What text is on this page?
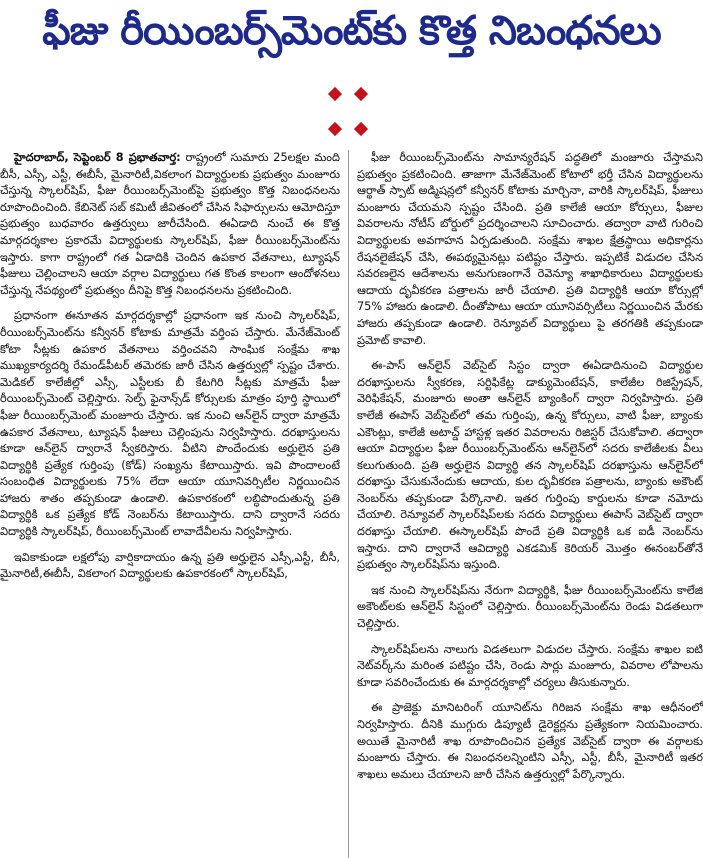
ఫీజు రీయింబర్స్‌మెంట్‌కు కొత్త నిబంధనలు

హైదరాబాద్, సెప్టెంబర్ 8 ప్రభాతవార్త: రాష్ట్రంలో సుమారు 25లక్షల మంది బీసీ, ఎస్సీ, ఎస్టీ, ఈబీసీ, మైనారిటీ,వికలాంగ విద్యార్థులకు ప్రభుత్వం మంజూరు చేస్తున్న స్కాలర్‌షిప్, ఫీజు రీయింబర్స్‌మెంట్‌పై ప్రభుత్వం కొత్త నిబంధనలను రూపొందించింది. కేబినెట్ సబ్ కమిటీ జీవితంలో చేసిన సిఫార్సులను ఆమోదిస్తూ ప్రభుత్వం బుధవారం ఉత్తర్వులు జారీచేసింది. ఈఏడాది నుంచే ఈ కొత్త మార్గదర్శకాల ప్రకారమే విద్యార్థులకు స్కాలర్‌షిప్, ఫీజు రీయింబర్స్‌మెంట్‌ను ఇస్తారు. కాగా రాష్ట్రంలో గత ఏడాదికి చెందిన ఉపకార వేతనాలు, ట్యూషన్ ఫీజులు చెల్లించాలని ఆయా వర్గాల విద్యార్థులు గత కొంత కాలంగా ఆందోళనలు చేస్తున్న నేపథ్యంలో ప్రభుత్వం దీనిపై కొత్త నిబంధనలను ప్రకటించింది.

ప్రధానంగా ఈనూతన మార్గదర్శకాల్లో ప్రధానంగా ఇక నుంచి స్కాలర్‌షిప్, రీయింబర్స్‌మెంట్‌ను కన్వీనర్ కోటాకు మాత్రమే వర్తింప చేస్తారు. మేనేజ్‌మెంట్ కోటా సీట్లకు ఉపకార వేతనాలు వర్తించవని సాంఘిక సంక్షేమ శాఖ ముఖ్యకార్యదర్శి రేమండ్‌పీటర్ తమెరకు జారీ చేసిన ఉత్తర్వుల్లో స్పష్టం చేశారు. మెడికల్ కాలేజీల్లో ఎస్సీ, ఎస్టీలకు బీ కేటగిరి సీట్లకు మాత్రమే ఫీజు రీయింబర్స్‌మెంట్ చెల్లిస్తారు. సెల్ఫ్ ఫైనాన్స్‌డ్ కోర్సులకు మాత్రం పూర్తి స్థాయిలో ఫీజు రీయింబర్స్‌మెంట్ మంజూరు చేస్తారు. ఇక నుంచి ఆన్‌లైన్ ద్వారా మాత్రమే ఉపకార వేతనాలు, ట్యూషన్ ఫీజులు చెల్లింపును నిర్వహిస్తారు. దరఖాస్తులను కూడా ఆన్‌లైన్ ద్వారానే స్వీకరిస్తారు. వీటిని పొందేందుకు అర్హులైన ప్రతి విద్యార్థికి ప్రత్యేక గుర్తింపు (కోడ్) సంఖ్యను కేటాయిస్తారు. ఇవి పొందాలంటే సంబంధిత విద్యార్థులకు 75% లేదా ఆయా యూనివర్సిటీల నిర్ణయించిన హాజరు శాతం తప్పకుండా ఉండాలి. ఉపకారకంలో లబ్ధిపొందుతున్న ప్రతి విద్యార్థికి ఒక ప్రత్యేక కోడ్ నెంబర్‌ను కేటాయిస్తారు. దాని ద్వారానే సదరు విద్యార్థికి స్కాలర్‌షిప్, రీయింబర్స్‌మెంట్ లావాదేవీలను నిర్వహిస్తారు.

ఇవికాకుండా లక్షలోపు వార్షికాదాయం ఉన్న ప్రతి అర్హులైన ఎస్సీ,ఎస్టీ, బీసీ, మైనారిటీ,ఈబీసీ, వికలాంగ విద్యార్థులకు ఉపకారకంలో స్కాలర్‌షిప్,

ఫీజు రీయింబర్స్‌మెంట్‌ను సామాన్యరేషన్ పద్ధతిలో మంజూరు చేస్తామని ప్రభుత్వం ప్రకటించింది. తాజాగా మేనేజ్‌మెంట్ కోటాలో భర్తీ చేసిన విద్యార్థులను ఆర్థాత్ స్పాట్ అడ్మిషన్లలో కన్వీనర్ కోటాకు మార్చినా, వారికి స్కాలర్‌షిప్, ఫీజులు మంజూరు చేయమని స్పష్టం చేసింది. ప్రతి కాలేజీ ఆయా కోర్సులు, ఫీజుల వివరాలను నోటీస్ బోర్డులో ప్రదర్శించాలని సూచించారు. తద్వారా వాటి గురించి విద్యార్థులకు అవగాహన ఏర్పడుతుంది. సంక్షేమ శాఖల క్షేత్రస్థాయి అధికార్లను రేషనలైజేషన్ చేసి, ఈపథ్యమైనట్లు పటిష్టం చేస్తారు. ఇప్పటికే విడుదల చేసిన సవరణలైన ఆదేశాలను అనుగుణంగానే రెవెన్యూ శాఖాధికారులు విద్యార్థులకు ఆదాయ దృవీకరణ పత్రాలను జారీ చేయాలి. ప్రతి విద్యార్థికి ఆయా కోర్సుల్లో 75% హాజరు ఉండాలి. దీంతోపాటు ఆయా యూనివర్సిటీలు నిర్ణయించిన మేరకు హాజరు తప్పకుండా ఉండాలి. రెన్యూవల్ విద్యార్థులు పై తరగతికి తప్పకుండా ప్రమోట్ కావాలి.

ఈ-పాస్ ఆన్‌లైన్ వెబ్‌సైట్ సిస్టం ద్వారా ఈఏడాదినుంచి విద్యార్థుల దరఖాస్తులను స్వీకరణ, సర్టిఫికేట్ల డాక్యుమెంటేషన్, కాలేజీల రిజిస్ట్రేషన్, వెరిఫికేషన్, మంజూరు అంతా ఆన్‌లైన్ బ్యాంకింగ్ ద్వారా నిర్వహిస్తారు. ప్రతి కాలేజీ ఈపాస్ వెబ్‌సైట్‌లో తమ గుర్తింపు, ఉన్న కోర్సులు, వాటి ఫీజు, బ్యాంకు ఎకౌంట్లు, కాలేజీ అటాచ్డ్ హాస్టళ్ల ఇతర వివరాలను రిజిస్టర్ చేసుకోవాలి. తద్వారా ఆయా విద్యార్థుల ఫీజు రీయింబర్స్‌మెంట్‌ను ఆన్‌లైన్‌లో సదరు కాలేజీలకు వీలు కలుగుతుంది. ప్రతి అర్హులైన విద్యార్థి తన స్కాలర్‌షిప్ దరఖాస్తును ఆన్‌లైన్‌లో దరఖాస్తు చేసుకునేందుకు ఆదాయ, కుల దృవీకరణ పత్రాలను, బ్యాంకు అకౌంట్ నెంబర్‌ను తప్పకుండా పేర్కొనాలి. ఇతర గుర్తింపు కార్డులను కూడా నమోదు చేయాలి. రెన్యూవల్ స్కాలర్‌షిప్‌లకు సదరు విద్యార్థులు ఈపాస్ వెబ్‌సైట్ ద్వారా దరఖాస్తు చేయాలి. ఈస్కాలర్‌షిప్ పొందే ప్రతి విద్యార్థికి ఒక ఐడీ నెంబర్‌ను ఇస్తారు. దాని ద్వారానే ఆవిద్యార్థి ఎకడమిక్ కెరియర్ మొత్తం ఈనంబర్‌తోనే ప్రభుత్వం స్కాలర్‌షిప్‌ను ఇస్తుంది.

ఇక నుంచి స్కాలర్‌షిప్‌ను నేరుగా విద్యార్థికి, ఫీజు రీయింబర్స్‌మెంట్‌ను కాలేజి అకౌంట్‌లకు ఆన్‌లైన్ సిస్టంలో చెల్లిస్తారు. రీయింబర్స్‌మెంట్‌ను రెండు విడతలుగా చెల్లిస్తారు.

స్కాలర్‌షిప్‌లను నాలుగు విడతలుగా విడుదల చేస్తారు. సంక్షేమ శాఖల ఐటి నెట్‌వర్క్‌ను మరింత పటిష్టం చేసి, రెండు సార్లు మంజూరు, వివరాల లోపాలను కూడా సవరించేందుకు ఈ మార్గదర్శకాల్లో చర్యలు తీసుకున్నారు.

ఈ ప్రాజెక్టు మానిటరింగ్ యూనిట్‌ను గిరిజన సంక్షేమ శాఖ ఆధీనంలో నిర్వహిస్తారు. దీనికి ముగ్గురు డిప్యూటీ డైరెక్టర్లను ప్రత్యేకంగా నియమించారు. అయితే మైనారిటీ శాఖ రూపొందించిన ప్రత్యేక వెబ్‌సైట్ ద్వారా ఈ వర్గాలకు మంజూరు చేస్తారు. ఈ నిబంధనలన్నింటిని ఎస్సీ, ఎస్టీ, బీసీ, మైనారిటీ ఇతర శాఖలు అమలు చేయాలని జారీ చేసిన ఉత్తర్వుల్లో పేర్కొన్నారు.
